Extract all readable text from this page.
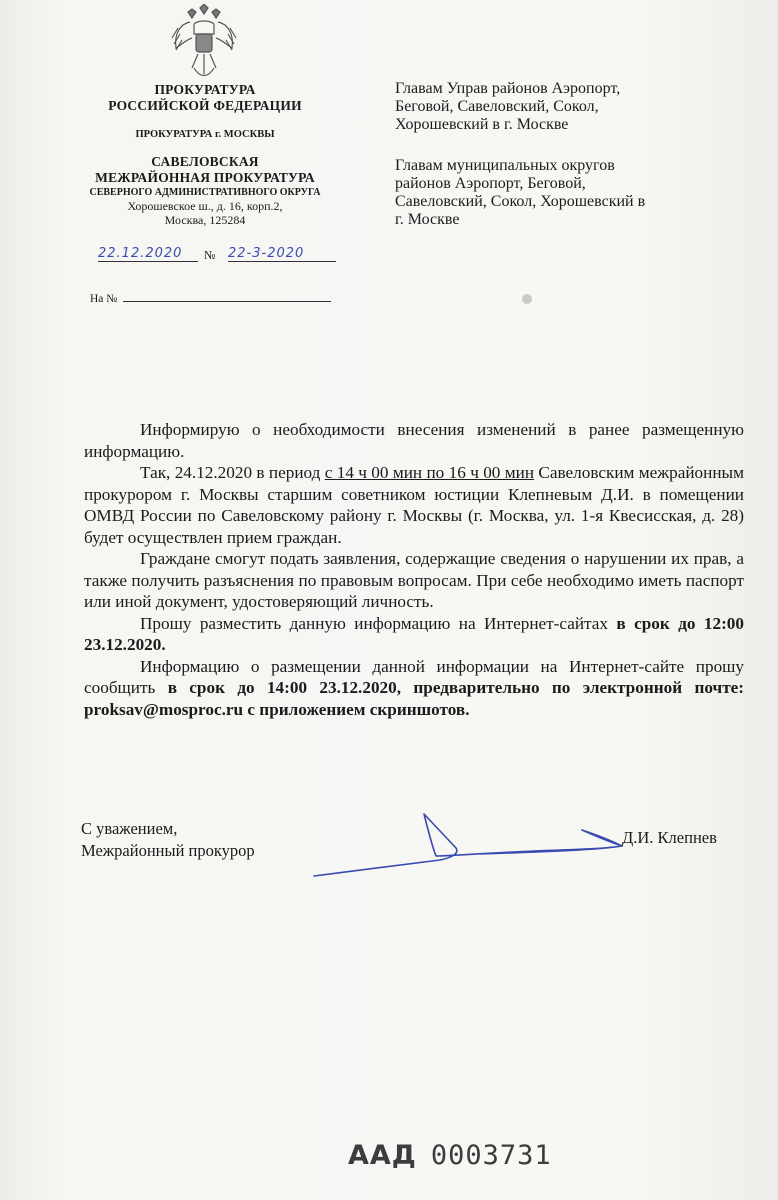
ПРОКУРАТУРА
РОССИЙСКОЙ ФЕДЕРАЦИИ
ПРОКУРАТУРА г. МОСКВЫ
САВЕЛОВСКАЯ
МЕЖРАЙОННАЯ ПРОКУРАТУРА
СЕВЕРНОГО АДМИНИСТРАТИВНОГО ОКРУГА
Хорошевское ш., д. 16, корп.2,
Москва, 125284
22.12.2020	№ 22-3-2020
На №
Главам Управ районов Аэропорт,
Беговой, Савеловский, Сокол,
Хорошевский в г. Москве
Главам муниципальных округов
районов Аэропорт, Беговой,
Савеловский, Сокол, Хорошевский в
г. Москве

Информирую о необходимости внесения изменений в ранее размещенную информацию.

Так, 24.12.2020 в период с 14 ч 00 мин по 16 ч 00 мин Савеловским межрайонным прокурором г. Москвы старшим советником юстиции Клепневым Д.И. в помещении ОМВД России по Савеловскому району г. Москвы (г. Москва, ул. 1-я Квесисская, д. 28) будет осуществлен прием граждан.

Граждане смогут подать заявления, содержащие сведения о нарушении их прав, а также получить разъяснения по правовым вопросам. При себе необходимо иметь паспорт или иной документ, удостоверяющий личность.

Прошу разместить данную информацию на Интернет-сайтах в срок до 12:00 23.12.2020.

Информацию о размещении данной информации на Интернет-сайте прошу сообщить в срок до 14:00 23.12.2020, предварительно по электронной почте: proksav@mosproc.ru с приложением скриншотов.

С уважением,
Межрайонный прокурор
Д.И. Клепнев
ААД 0003731
